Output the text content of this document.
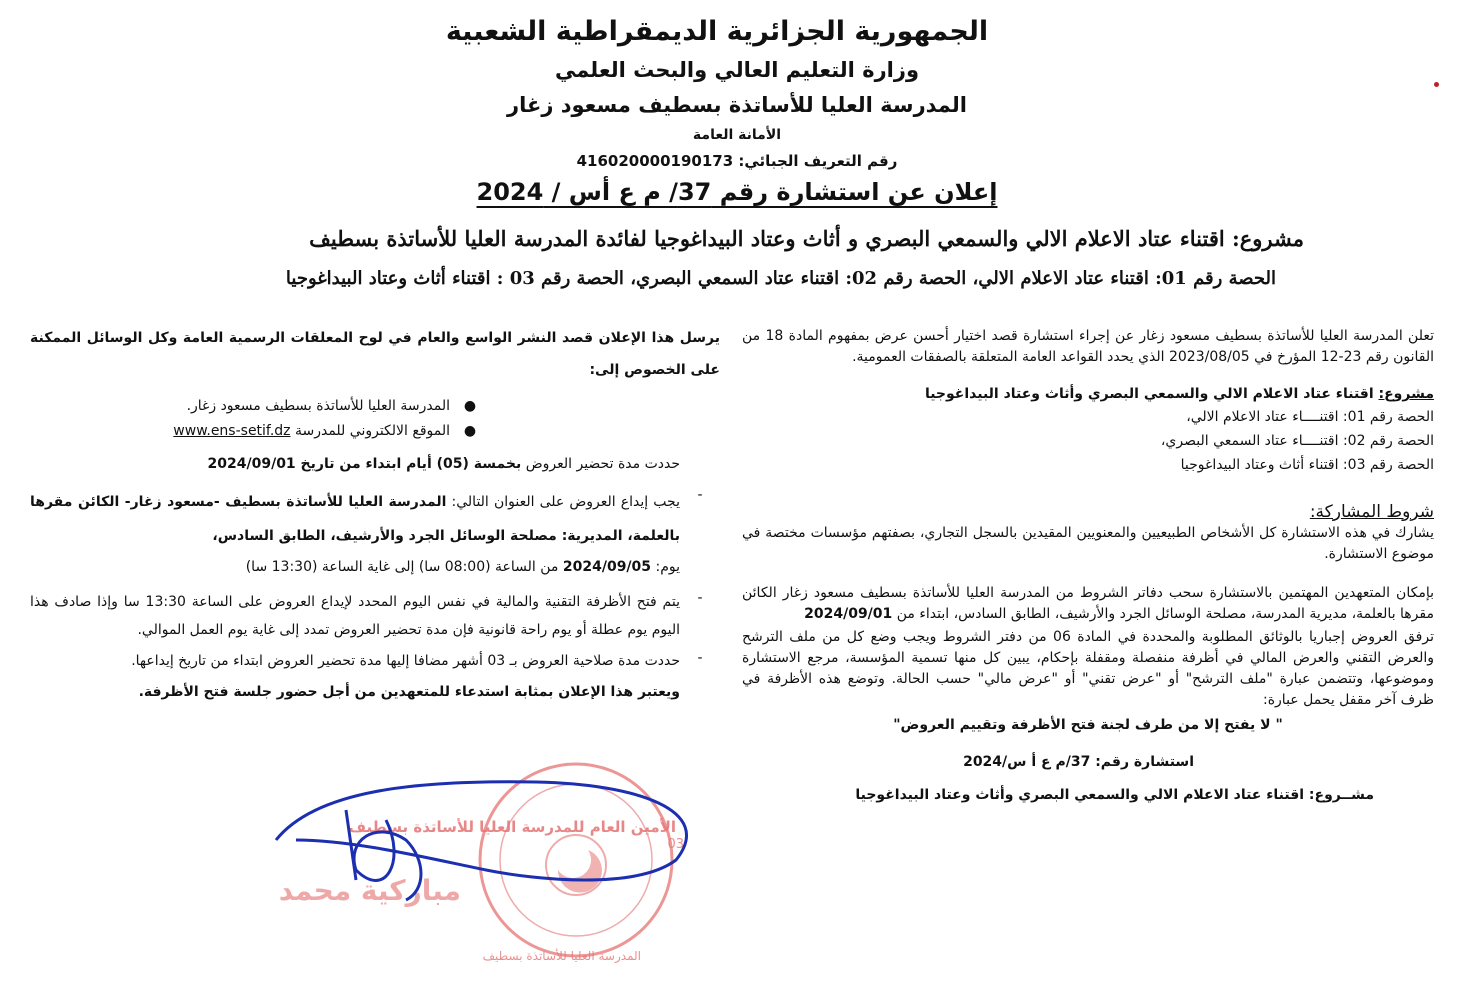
الجمهورية الجزائرية الديمقراطية الشعبية
وزارة التعليم العالي والبحث العلمي
المدرسة العليا للأساتذة بسطيف مسعود زغار
الأمانة العامة
رقم التعريف الجبائي: 416020000190173
إعلان عن استشارة رقم 37/ م ع أس / 2024
مشروع: اقتناء عتاد الاعلام الالي والسمعي البصري و أثاث وعتاد البيداغوجيا لفائدة المدرسة العليا للأساتذة بسطيف
الحصة رقم 01: اقتناء عتاد الاعلام الالي، الحصة رقم 02: اقتناء عتاد السمعي البصري، الحصة رقم 03 : اقتناء أثاث وعتاد البيداغوجيا

تعلن المدرسة العليا للأساتذة بسطيف مسعود زغار عن إجراء استشارة قصد اختيار أحسن عرض بمفهوم المادة 18 من القانون رقم 23-12 المؤرخ في 2023/08/05 الذي يحدد القواعد العامة المتعلقة بالصفقات العمومية.

مشروع: اقتناء عتاد الاعلام الالي والسمعي البصري وأثاث وعتاد البيداغوجيا

الحصة رقم 01: اقتنــــاء عتاد الاعلام الالي،

الحصة رقم 02: اقتنــــاء عتاد السمعي البصري،

الحصة رقم 03: اقتناء أثاث وعتاد البيداغوجيا

شروط المشاركة:

يشارك في هذه الاستشارة كل الأشخاص الطبيعيين والمعنويين المقيدين بالسجل التجاري، بصفتهم مؤسسات مختصة في موضوع الاستشارة.

بإمكان المتعهدين المهتمين بالاستشارة سحب دفاتر الشروط من المدرسة العليا للأساتذة بسطيف مسعود زغار الكائن مقرها بالعلمة، مديرية المدرسة، مصلحة الوسائل الجرد والأرشيف، الطابق السادس، ابتداء من 2024/09/01

ترفق العروض إجباريا بالوثائق المطلوبة والمحددة في المادة 06 من دفتر الشروط ويجب وضع كل من ملف الترشح والعرض التقني والعرض المالي في أظرفة منفصلة ومقفلة بإحكام، يبين كل منها تسمية المؤسسة، مرجع الاستشارة وموضوعها، وتتضمن عبارة "ملف الترشح" أو "عرض تقني" أو "عرض مالي" حسب الحالة. وتوضع هذه الأظرفة في ظرف آخر مقفل يحمل عبارة:

" لا يفتح إلا من طرف لجنة فتح الأظرفة وتقييم العروض"

استشارة رقم: 37/م ع أ س/2024

مشــروع: اقتناء عتاد الاعلام الالي والسمعي البصري وأثاث وعتاد البيداغوجيا

يرسل هذا الإعلان قصد النشر الواسع والعام في لوح المعلقات الرسمية العامة وكل الوسائل الممكنة على الخصوص إلى:

●
المدرسة العليا للأساتذة بسطيف مسعود زغار.
●
الموقع الالكتروني للمدرسة www.ens-setif.dz

حددت مدة تحضير العروض بخمسة (05) أيام ابتداء من تاريخ 2024/09/01

-
يجب إيداع العروض على العنوان التالي: المدرسة العليا للأساتذة بسطيف -مسعود زغار- الكائن مقرها بالعلمة، المديرية: مصلحة الوسائل الجرد والأرشيف، الطابق السادس،

يوم: 2024/09/05 من الساعة (08:00 سا) إلى غاية الساعة (13:30 سا)

-
يتم فتح الأظرفة التقنية والمالية في نفس اليوم المحدد لإيداع العروض على الساعة 13:30 سا وإذا صادف هذا اليوم يوم عطلة أو يوم راحة قانونية فإن مدة تحضير العروض تمدد إلى غاية يوم العمل الموالي.
-
حددت مدة صلاحية العروض بـ 03 أشهر مضافا إليها مدة تحضير العروض ابتداء من تاريخ إيداعها.

ويعتبر هذا الإعلان بمثابة استدعاء للمتعهدين من أجل حضور جلسة فتح الأظرفة.

03
المدرسة العليا للأساتذة بسطيف
الأمين العام للمدرسة العليا للأساتذة بسطيف
مباركية محمد
